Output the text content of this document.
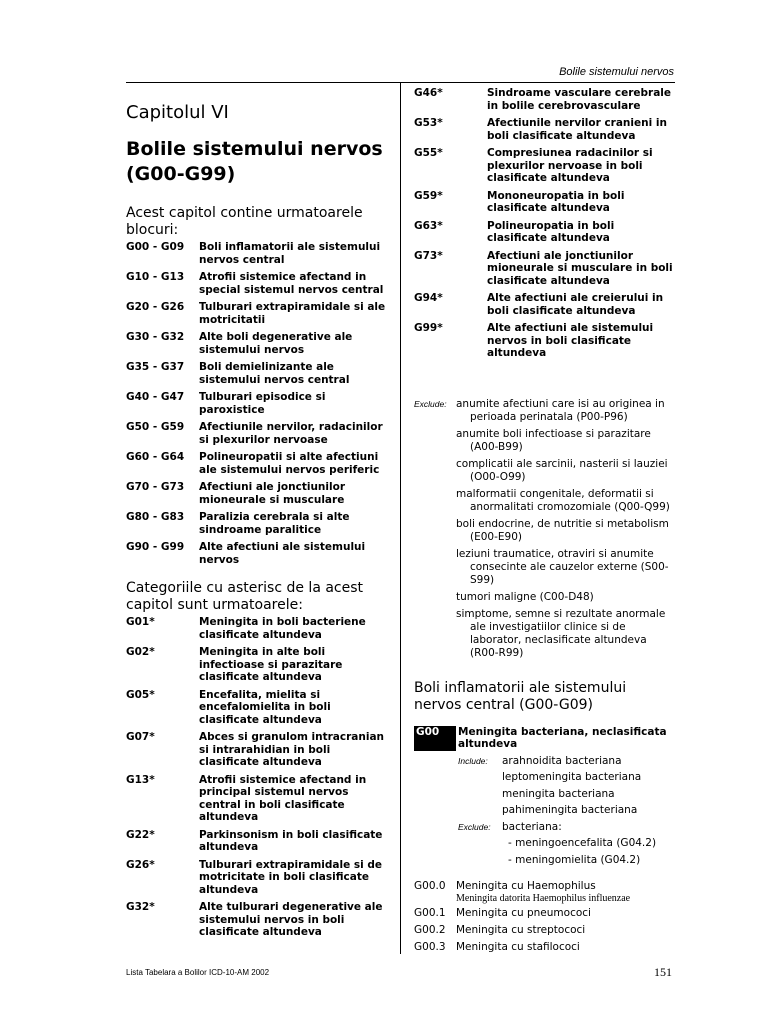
Bolile sistemului nervos
Capitolul VI
Bolile sistemului nervos
(G00-G99)
Acest capitol contine urmatoarele blocuri:
G00 - G09	Boli inflamatorii ale sistemului nervos central
G10 - G13	Atrofii sistemice afectand in special sistemul nervos central
G20 - G26	Tulburari extrapiramidale si ale motricitatii
G30 - G32	Alte boli degenerative ale sistemului nervos
G35 - G37	Boli demielinizante ale sistemului nervos central
G40 - G47	Tulburari episodice si paroxistice
G50 - G59	Afectiunile nervilor, radacinilor si plexurilor nervoase
G60 - G64	Polineuropatii si alte afectiuni ale sistemului nervos periferic
G70 - G73	Afectiuni ale jonctiunilor mioneurale si musculare
G80 - G83	Paralizia cerebrala si alte sindroame paralitice
G90 - G99	Alte afectiuni ale sistemului nervos
Categoriile cu asterisc de la acest capitol sunt urmatoarele:
G01*	Meningita in boli bacteriene clasificate altundeva
G02*	Meningita in alte boli infectioase si parazitare clasificate altundeva
G05*	Encefalita, mielita si encefalomielita in boli clasificate altundeva
G07*	Abces si granulom intracranian si intrarahidian in boli clasificate altundeva
G13*	Atrofii sistemice afectand in principal sistemul nervos central in boli clasificate altundeva
G22*	Parkinsonism in boli clasificate altundeva
G26*	Tulburari extrapiramidale si de motricitate in boli clasificate altundeva
G32*	Alte tulburari degenerative ale sistemului nervos in boli clasificate altundeva
G46*	Sindroame vasculare cerebrale in bolile cerebrovasculare
G53*	Afectiunile nervilor cranieni in boli clasificate altundeva
G55*	Compresiunea radacinilor si plexurilor nervoase in boli clasificate altundeva
G59*	Mononeuropatia in boli clasificate altundeva
G63*	Polineuropatia in boli clasificate altundeva
G73*	Afectiuni ale jonctiunilor mioneurale si musculare in boli clasificate altundeva
G94*	Alte afectiuni ale creierului in boli clasificate altundeva
G99*	Alte afectiuni ale sistemului nervos in boli clasificate altundeva
Exclude: anumite afectiuni care isi au originea in
perioada perinatala (P00-P96)
anumite boli infectioase si parazitare
(A00-B99)
complicatii ale sarcinii, nasterii si lauziei
(O00-O99)
malformatii congenitale, deformatii si
anormalitati cromozomiale (Q00-Q99)
boli endocrine, de nutritie si metabolism
(E00-E90)
leziuni traumatice, otraviri si anumite
consecinte ale cauzelor externe (S00-S99)
tumori maligne (C00-D48)
simptome, semne si rezultate anormale
ale investigatiilor clinice si de laborator, neclasificate altundeva (R00-R99)
Boli inflamatorii ale sistemului nervos central (G00-G09)
G00	Meningita bacteriana, neclasificata altundeva
Include:	arahnoidita bacteriana
leptomeningita bacteriana
meningita bacteriana
pahimeningita bacteriana
Exclude:	bacteriana:
- meningoencefalita (G04.2)
- meningomielita (G04.2)
G00.0 Meningita cu Haemophilus
Meningita datorita Haemophilus influenzae
G00.1 Meningita cu pneumococi
G00.2 Meningita cu streptococi
G00.3 Meningita cu stafilococi
Lista Tabelara a Bolilor ICD-10-AM 2002	151
